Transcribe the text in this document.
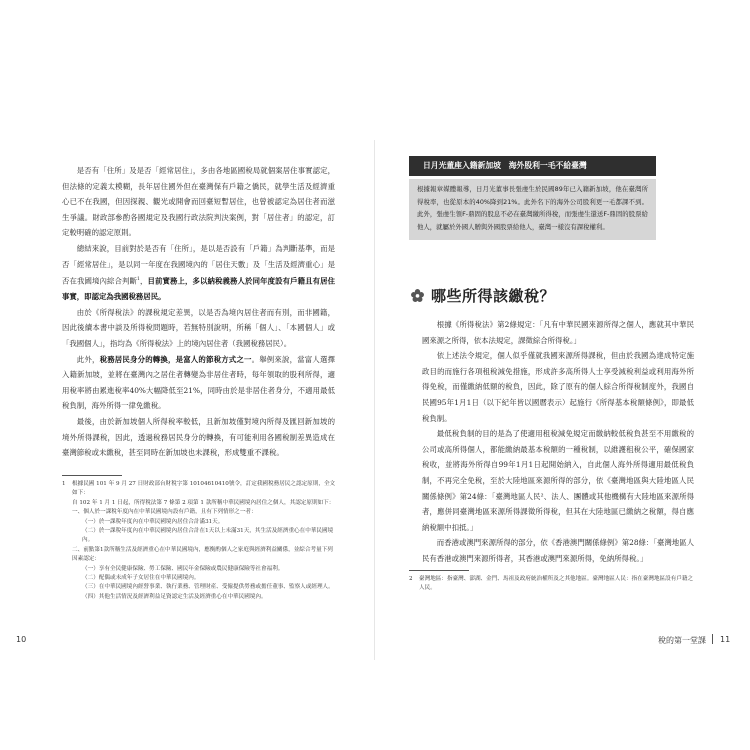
是否有「住所」及是否「經常居住」，多由各地區國稅局就個案居住事實認定，但法條的定義太模糊，長年居住國外但在臺灣保有戶籍之僑民，就學生活及經濟重心已不在我國，但因探親、觀光或開會而回臺短暫居住，也曾被認定為居住者而滋生爭議。財政部參酌各國規定及我國行政法院判決案例，對「居住者」的認定，訂定較明確的認定原則。

總結來說，目前對於是否有「住所」，是以是否設有「戶籍」為判斷基準，而是否「經常居住」，是以同一年度在我國境內的「居住天數」及「生活及經濟重心」是否在我國境內綜合判斷$^1$，目前實務上，多以納稅義務人於同年度設有戶籍且有居住事實，即認定為我國稅務居民。

由於《所得稅法》的課稅規定差異，以是否為境內居住者而有別，而非國籍，因此後續本書中談及所得稅問題時，若無特別說明，所稱「個人」、「本國個人」或「我國個人」，指均為《所得稅法》上的境內居住者（我國稅務居民）。

此外，稅務居民身分的轉換，是富人的節稅方式之一。舉例來說，當富人選擇入籍新加坡，並將在臺灣內之居住者轉變為非居住者時，每年領取的股利所得，適用稅率將由累進稅率40%大幅降低至21%，同時由於是非居住者身分，不適用最低稅負制，海外所得一律免繳稅。

最後，由於新加坡個人所得稅率較低，且新加坡僅對境內所得及匯回新加坡的境外所得課稅，因此，透過稅務居民身分的轉換，有可能利用各國稅制差異造成在臺灣節稅或未繳稅，甚至同時在新加坡也未課稅，形成雙重不課稅。

1	根據民國 101 年 9 月 27 日財政部台財稅字第 10104610410號令，訂定我國稅務居民之認定原則，全文如下：
自 102 年 1 月 1 日起，所得稅法第 7 條第 2 項第 1 款所稱中華民國境內居住之個人，其認定原則如下：
一、個人於一課稅年度內在中華民國境內設有戶籍，且有下列情形之一者：
（一）於一課稅年度內在中華民國境內居住合計滿31天。
（二）於一課稅年度內在中華民國境內居住合計在1天以上未滿31天，其生活及經濟重心在中華民國境內。
二、前點第1款所稱生活及經濟重心在中華民國境內，應衡酌個人之家庭與經濟利益關係，並綜合考量下列因素認定：
（一）享有全民健康保險、勞工保險、國民年金保險或農民健康保險等社會福利。
（二）配偶或未成年子女居住在中華民國境內。
（三）在中華民國境內經營事業、執行業務、管理財產、受僱提供勞務或擔任董事、監察人或經理人。
（四）其他生活情況及經濟利益足資認定生活及經濟重心在中華民國境內。
10
日月光董座入籍新加坡　海外股利一毛不給臺灣
根據報章媒體報導，日月光董事長張虔生於民國89年已入籍新加坡，他在臺灣所得稅率，也從原本的40%降到21%。此外名下的海外公司股利更一毛都課不到。此外，張虔生領F-鼎固的股息不必在臺灣繳所得稅，而張虔生還送F-鼎固的股票給他人，就屬於外國人贈與外國股票給他人，臺灣一樣沒有課稅權利。
哪些所得該繳稅？

根據《所得稅法》第2條規定：「凡有中華民國來源所得之個人，應就其中華民國來源之所得，依本法規定，課徵綜合所得稅。」

依上述法令規定，個人似乎僅就我國來源所得課稅，但由於我國為達成特定施政目的而施行各項租稅減免措施，形成許多高所得人士享受減稅利益或利用海外所得免稅，而僅繳納低額的稅負，因此，除了原有的個人綜合所得稅制度外，我國自民國95年1月1日（以下紀年皆以國曆表示）起施行《所得基本稅額條例》，即最低稅負制。

最低稅負制的目的是為了使適用租稅減免規定而繳納較低稅負甚至不用繳稅的公司或高所得個人，都能繳納最基本稅額的一種稅制，以維護租稅公平，確保國家稅收，並將海外所得自99年1月1日起開始納入，自此個人海外所得適用最低稅負制，不再完全免稅，至於大陸地區來源所得的部分，依《臺灣地區與大陸地區人民關係條例》第24條：「臺灣地區人民²、法人、團體或其他機構有大陸地區來源所得者，應併同臺灣地區來源所得課徵所得稅，但其在大陸地區已繳納之稅額，得自應納稅額中扣抵。」

而香港或澳門來源所得的部分，依《香港澳門關係條例》第28條：「臺灣地區人民有香港或澳門來源所得者，其香港或澳門來源所得，免納所得稅。」

2	臺灣地區：指臺灣、澎湖、金門、馬祖及政府統治權所及之其他地區。臺灣地區人民：指在臺灣地區設有戶籍之人民。
稅的第一堂課 11
